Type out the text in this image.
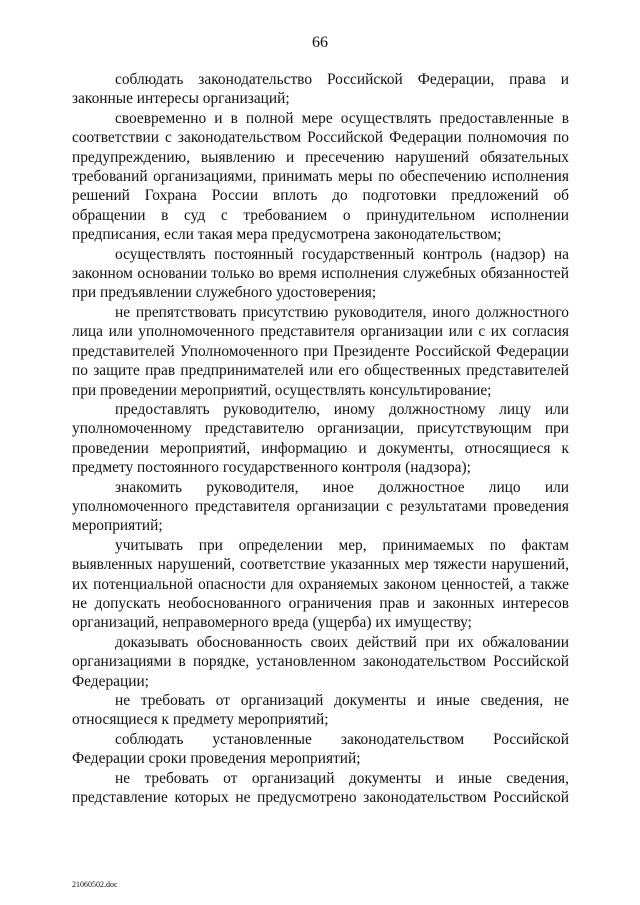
66

соблюдать законодательство Российской Федерации, права и законные интересы организаций;

своевременно и в полной мере осуществлять предоставленные в соответствии с законодательством Российской Федерации полномочия по предупреждению, выявлению и пресечению нарушений обязательных требований организациями, принимать меры по обеспечению исполнения решений Гохрана России вплоть до подготовки предложений об обращении в суд с требованием о принудительном исполнении предписания, если такая мера предусмотрена законодательством;

осуществлять постоянный государственный контроль (надзор) на законном основании только во время исполнения служебных обязанностей при предъявлении служебного удостоверения;

не препятствовать присутствию руководителя, иного должностного лица или уполномоченного представителя организации или с их согласия представителей Уполномоченного при Президенте Российской Федерации по защите прав предпринимателей или его общественных представителей при проведении мероприятий, осуществлять консультирование;

предоставлять руководителю, иному должностному лицу или уполномоченному представителю организации, присутствующим при проведении мероприятий, информацию и документы, относящиеся к предмету постоянного государственного контроля (надзора);

знакомить руководителя, иное должностное лицо или уполномоченного представителя организации с результатами проведения мероприятий;

учитывать при определении мер, принимаемых по фактам выявленных нарушений, соответствие указанных мер тяжести нарушений, их потенциальной опасности для охраняемых законом ценностей, а также не допускать необоснованного ограничения прав и законных интересов организаций, неправомерного вреда (ущерба) их имуществу;

доказывать обоснованность своих действий при их обжаловании организациями в порядке, установленном законодательством Российской Федерации;

не требовать от организаций документы и иные сведения, не относящиеся к предмету мероприятий;

соблюдать установленные законодательством Российской Федерации сроки проведения мероприятий;

не требовать от организаций документы и иные сведения, представление которых не предусмотрено законодательством Российской

21060502.doc
